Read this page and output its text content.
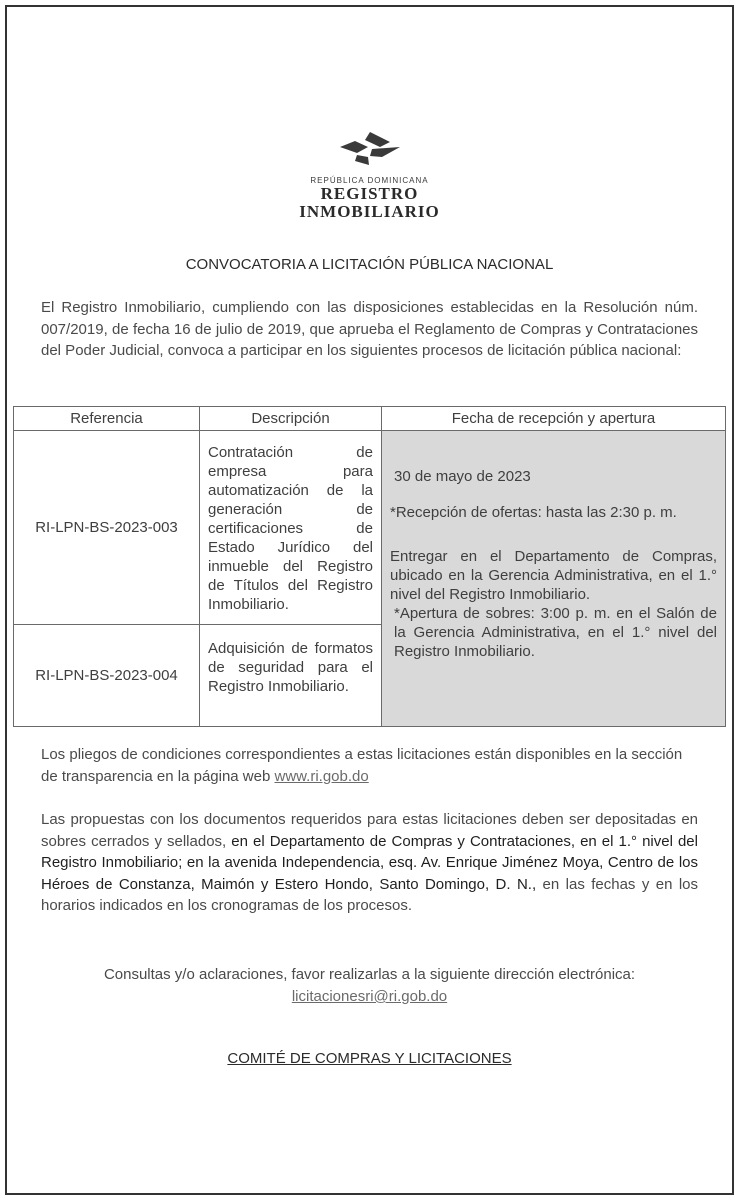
REPÚBLICA DOMINICANA
REGISTRO
INMOBILIARIO
CONVOCATORIA A LICITACIÓN PÚBLICA NACIONAL
El Registro Inmobiliario, cumpliendo con las disposiciones establecidas en la Resolución núm. 007/2019, de fecha 16 de julio de 2019, que aprueba el Reglamento de Compras y Contrataciones del Poder Judicial, convoca a participar en los siguientes procesos de licitación pública nacional:
Referencia	Descripción	Fecha de recepción y apertura
RI-LPN-BS-2023-003	Contratación de empresa para automatización de la generación de certificaciones de Estado Jurídico del inmueble del Registro de Títulos del Registro Inmobiliario.	30 de mayo de 2023
*Recepción de ofertas: hasta las 2:30 p. m.
Entregar en el Departamento de Compras, ubicado en la Gerencia Administrativa, en el 1.° nivel del Registro Inmobiliario.
*Apertura de sobres: 3:00 p. m. en el Salón de la Gerencia Administrativa, en el 1.° nivel del Registro Inmobiliario.

RI-LPN-BS-2023-004	Adquisición de formatos de seguridad para el Registro Inmobiliario.	
Los pliegos de condiciones correspondientes a estas licitaciones están disponibles en la sección de transparencia en la página web www.ri.gob.do
Las propuestas con los documentos requeridos para estas licitaciones deben ser depositadas en sobres cerrados y sellados, en el Departamento de Compras y Contrataciones, en el 1.° nivel del Registro Inmobiliario; en la avenida Independencia, esq. Av. Enrique Jiménez Moya, Centro de los Héroes de Constanza, Maimón y Estero Hondo, Santo Domingo, D. N., en las fechas y en los horarios indicados en los cronogramas de los procesos.
Consultas y/o aclaraciones, favor realizarlas a la siguiente dirección electrónica:
licitacionesri@ri.gob.do
COMITÉ DE COMPRAS Y LICITACIONES
